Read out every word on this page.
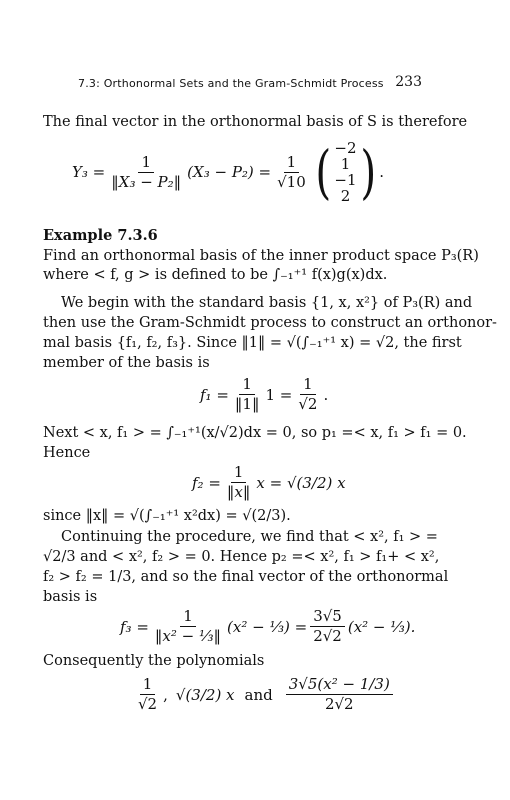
7.3: Orthonormal Sets and the Gram-Schmidt Process 233
The final vector in the orthonormal basis of S is therefore
$Y_3 = \frac{1}{\text{‖X₃ − P₂‖}} (X_3 - P_2) = \frac{1}{√10}$ ( −2
1
−1
2 ) .
Example 7.3.6
Find an orthonormal basis of the inner product space P₃(R)
where < f, g > is defined to be ∫₋₁⁺¹ f(x)g(x)dx.
We begin with the standard basis {1, x, x²} of P₃(R) and
then use the Gram-Schmidt process to construct an orthonor-
mal basis {f₁, f₂, f₃}. Since ‖1‖ = √(∫₋₁⁺¹ x) = √2, the first
member of the basis is
$f_1 = \frac{1}{‖1‖} 1 = \frac{1}{√2}$ .
Next < x, f₁ > = ∫₋₁⁺¹(x/√2)dx = 0, so p₁ =< x, f₁ > f₁ = 0.
Hence
$f_2 = \frac{1}{‖x‖}$ x = √(3/2) x
since ‖x‖ = √(∫₋₁⁺¹ x²dx) = √(2/3).
Continuing the procedure, we find that < x², f₁ > =
√2/3 and < x², f₂ > = 0. Hence p₂ =< x², f₁ > f₁+ < x²,
f₂ > f₂ = 1/3, and so the final vector of the orthonormal
basis is
$f_3 = \frac{1}{\text{‖x² − ⅓‖}} (x^2$ − ⅓) = $\frac{3√5}{2√2} (x^2$ − ⅓).
Consequently the polynomials
$\frac{1}{√2}$ , √(3/2) x and $\frac{\text{3√5(x² − 1/3)}}{2√2}$
